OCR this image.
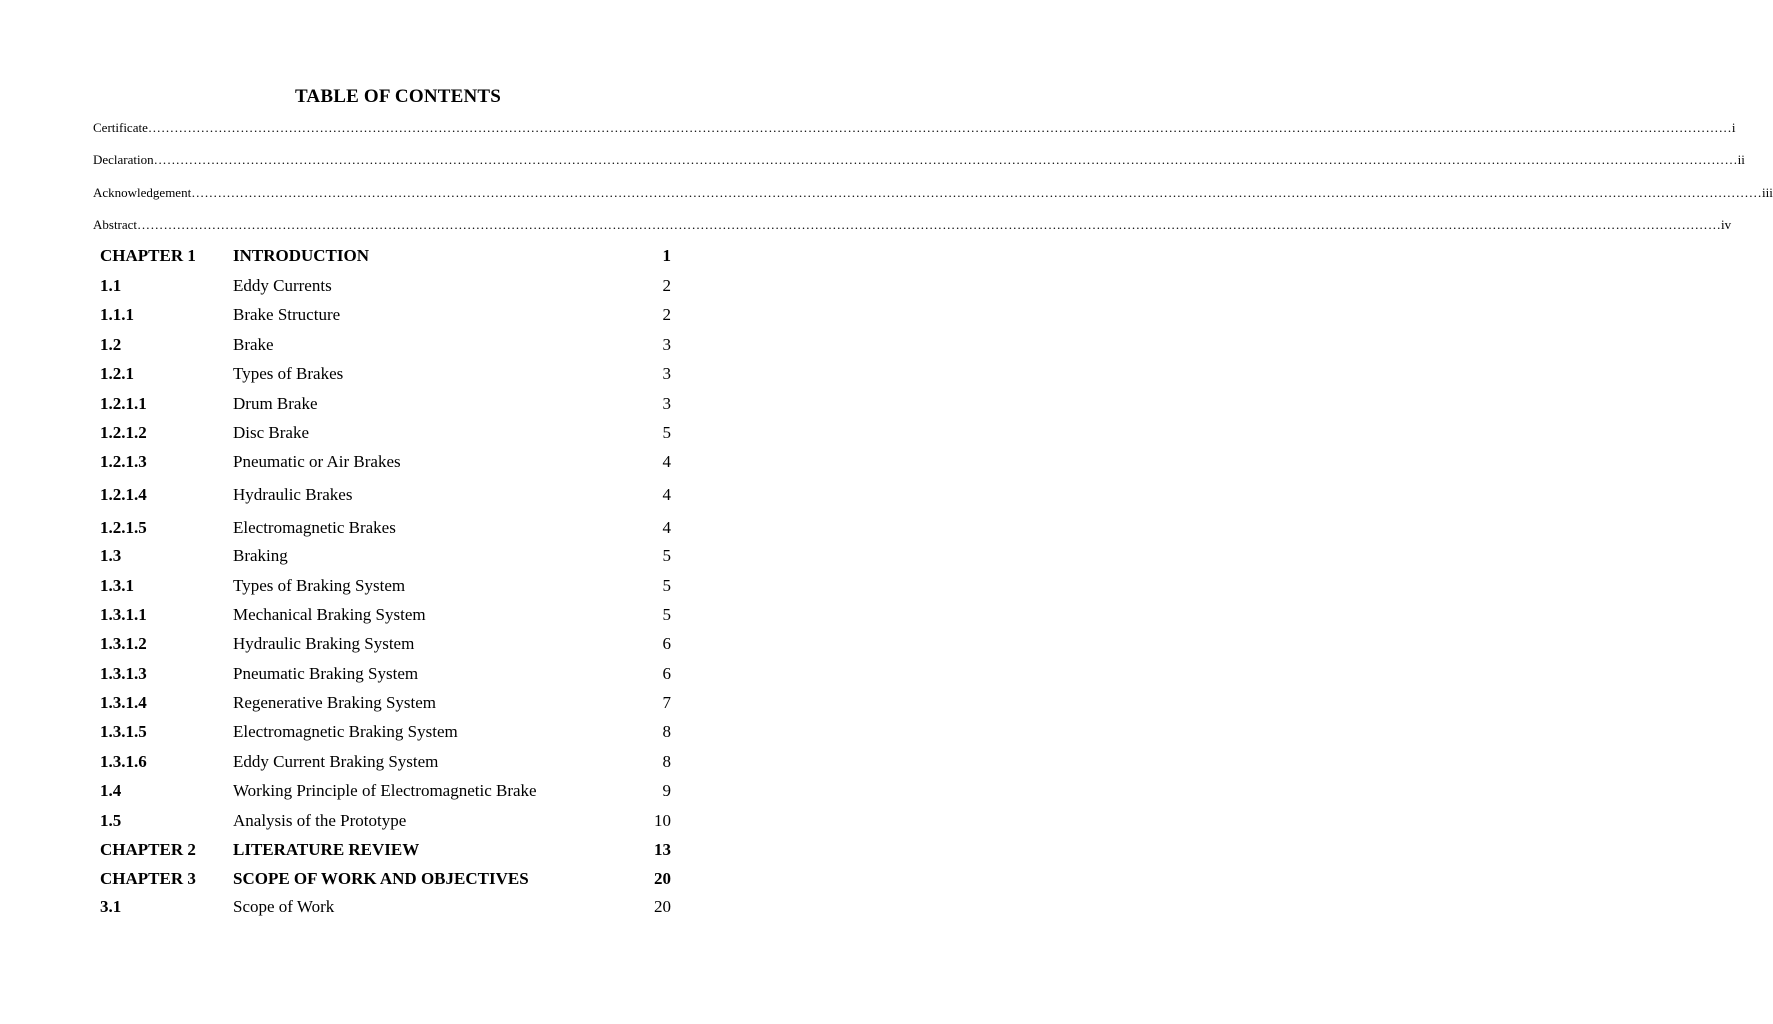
TABLE OF CONTENTS
Certificate ……………………………………………………………………………………………………………………………………………………………………………………………………………………………………………………………………………………………………………………………… i
Declaration ……………………………………………………………………………………………………………………………………………………………………………………………………………………………………………………………………………………………………………………………… ii
Acknowledgement …………………………………………………………………………………………………………………………………………………………………………………………………………………………………………………………………………………………………………………………… iii
Abstract ……………………………………………………………………………………………………………………………………………………………………………………………………………………………………………………………………………………………………………………………… iv
CHAPTER 1 INTRODUCTION	1
1.1	Eddy Currents	2
1.1.1	Brake Structure	2
1.2	Brake	3
1.2.1	Types of Brakes	3
1.2.1.1	Drum Brake	3
1.2.1.2	Disc Brake	5
1.2.1.3	Pneumatic or Air Brakes	4
1.2.1.4	Hydraulic Brakes	4
1.2.1.5	Electromagnetic Brakes	4
1.3	Braking	5
1.3.1	Types of Braking System	5
1.3.1.1	Mechanical Braking System	5
1.3.1.2	Hydraulic Braking System	6
1.3.1.3	Pneumatic Braking System	6
1.3.1.4	Regenerative Braking System	7
1.3.1.5	Electromagnetic Braking System	8
1.3.1.6	Eddy Current Braking System	8
1.4	Working Principle of Electromagnetic Brake	9
1.5	Analysis of the Prototype	10
CHAPTER 2 LITERATURE REVIEW	13
CHAPTER 3 SCOPE OF WORK AND OBJECTIVES	20
3.1	Scope of Work	20
